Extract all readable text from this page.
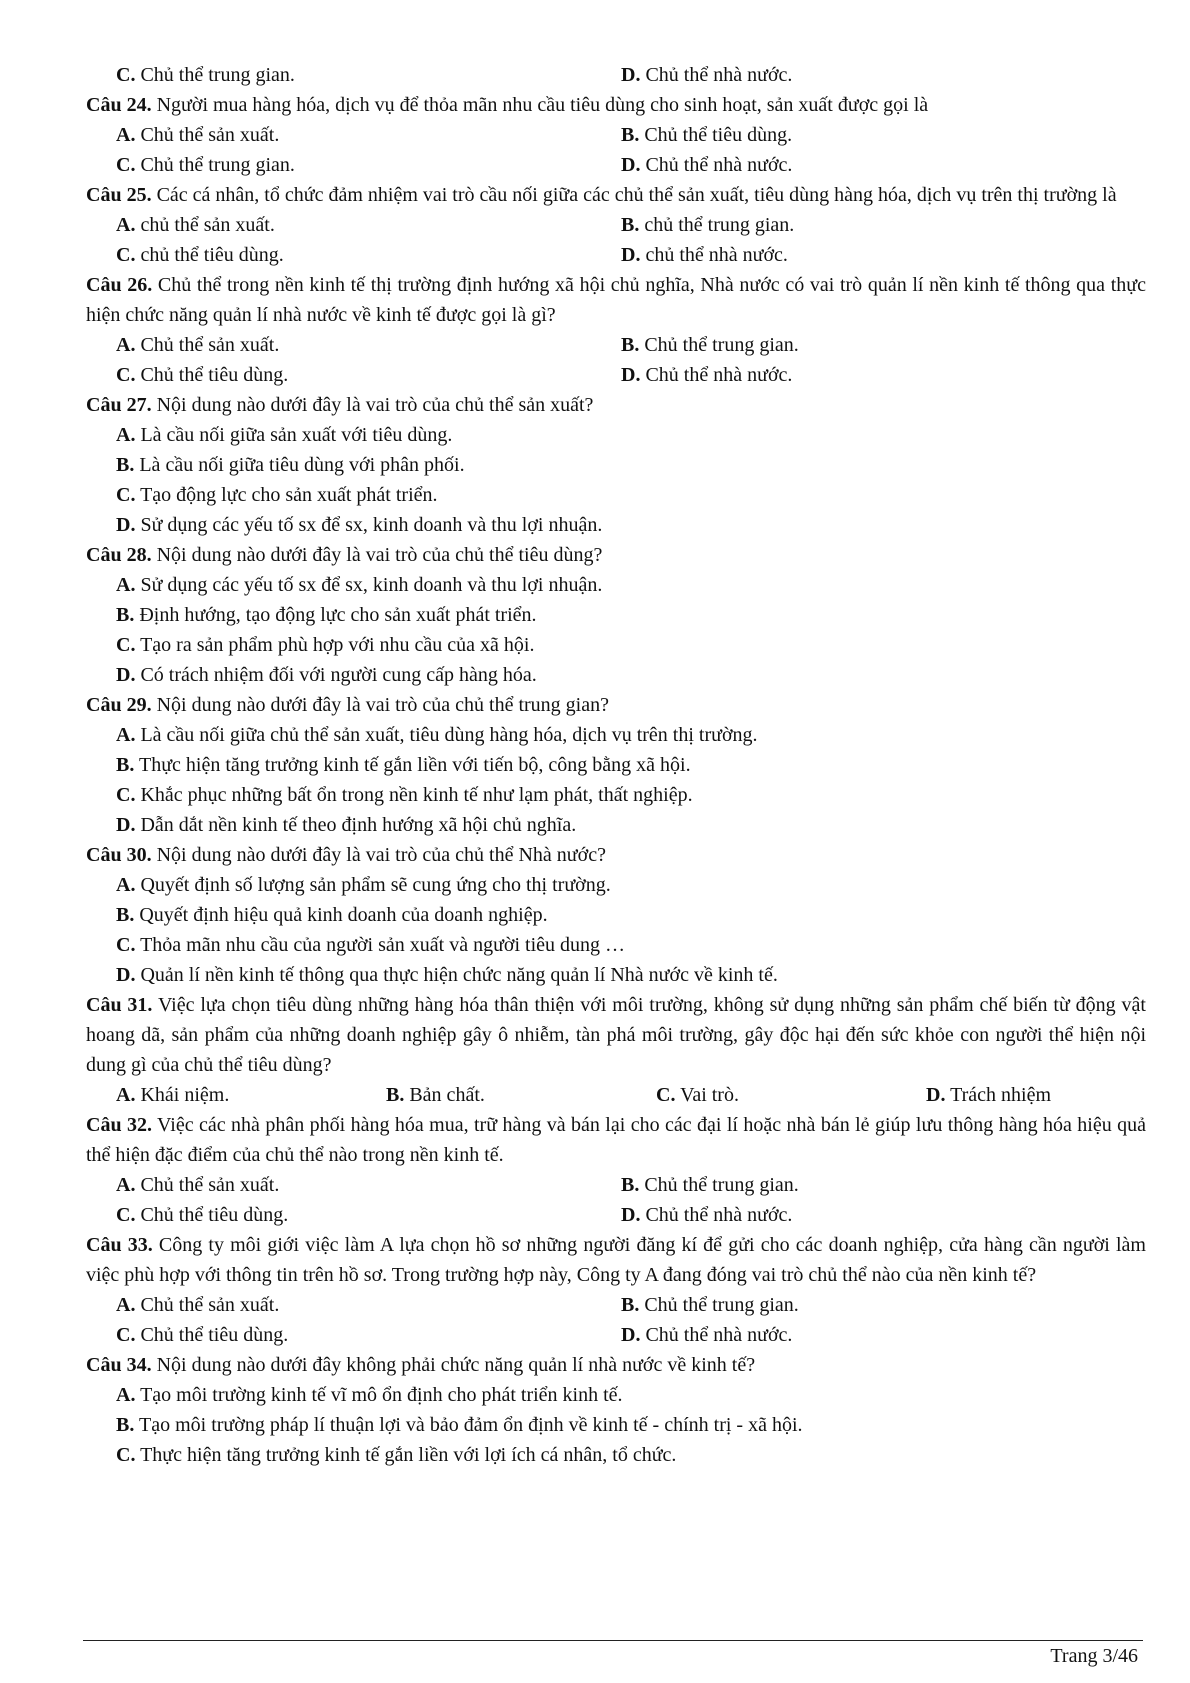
C. Chủ thể trung gian.	D. Chủ thể nhà nước.

Câu 24. Người mua hàng hóa, dịch vụ để thỏa mãn nhu cầu tiêu dùng cho sinh hoạt, sản xuất được gọi là

A. Chủ thể sản xuất.	B. Chủ thể tiêu dùng.
C. Chủ thể trung gian.	D. Chủ thể nhà nước.

Câu 25. Các cá nhân, tổ chức đảm nhiệm vai trò cầu nối giữa các chủ thể sản xuất, tiêu dùng hàng hóa, dịch vụ trên thị trường là

A. chủ thể sản xuất.	B. chủ thể trung gian.
C. chủ thể tiêu dùng.	D. chủ thể nhà nước.

Câu 26. Chủ thể trong nền kinh tế thị trường định hướng xã hội chủ nghĩa, Nhà nước có vai trò quản lí nền kinh tế thông qua thực hiện chức năng quản lí nhà nước về kinh tế được gọi là gì?

A. Chủ thể sản xuất.	B. Chủ thể trung gian.
C. Chủ thể tiêu dùng.	D. Chủ thể nhà nước.

Câu 27. Nội dung nào dưới đây là vai trò của chủ thể sản xuất?

A. Là cầu nối giữa sản xuất với tiêu dùng.
B. Là cầu nối giữa tiêu dùng với phân phối.
C. Tạo động lực cho sản xuất phát triển.
D. Sử dụng các yếu tố sx để sx, kinh doanh và thu lợi nhuận.

Câu 28. Nội dung nào dưới đây là vai trò của chủ thể tiêu dùng?

A. Sử dụng các yếu tố sx để sx, kinh doanh và thu lợi nhuận.
B. Định hướng, tạo động lực cho sản xuất phát triển.
C. Tạo ra sản phẩm phù hợp với nhu cầu của xã hội.
D. Có trách nhiệm đối với người cung cấp hàng hóa.

Câu 29. Nội dung nào dưới đây là vai trò của chủ thể trung gian?

A. Là cầu nối giữa chủ thể sản xuất, tiêu dùng hàng hóa, dịch vụ trên thị trường.
B. Thực hiện tăng trưởng kinh tế gắn liền với tiến bộ, công bằng xã hội.
C. Khắc phục những bất ổn trong nền kinh tế như lạm phát, thất nghiệp.
D. Dẫn dắt nền kinh tế theo định hướng xã hội chủ nghĩa.

Câu 30. Nội dung nào dưới đây là vai trò của chủ thể Nhà nước?

A. Quyết định số lượng sản phẩm sẽ cung ứng cho thị trường.
B. Quyết định hiệu quả kinh doanh của doanh nghiệp.
C. Thỏa mãn nhu cầu của người sản xuất và người tiêu dung …
D. Quản lí nền kinh tế thông qua thực hiện chức năng quản lí Nhà nước về kinh tế.

Câu 31. Việc lựa chọn tiêu dùng những hàng hóa thân thiện với môi trường, không sử dụng những sản phẩm chế biến từ động vật hoang dã, sản phẩm của những doanh nghiệp gây ô nhiễm, tàn phá môi trường, gây độc hại đến sức khỏe con người thể hiện nội dung gì của chủ thể tiêu dùng?

A. Khái niệm.	B. Bản chất.	C. Vai trò.	D. Trách nhiệm

Câu 32. Việc các nhà phân phối hàng hóa mua, trữ hàng và bán lại cho các đại lí hoặc nhà bán lẻ giúp lưu thông hàng hóa hiệu quả thể hiện đặc điểm của chủ thể nào trong nền kinh tế.

A. Chủ thể sản xuất.	B. Chủ thể trung gian.
C. Chủ thể tiêu dùng.	D. Chủ thể nhà nước.

Câu 33. Công ty môi giới việc làm A lựa chọn hồ sơ những người đăng kí để gửi cho các doanh nghiệp, cửa hàng cần người làm việc phù hợp với thông tin trên hồ sơ. Trong trường hợp này, Công ty A đang đóng vai trò chủ thể nào của nền kinh tế?

A. Chủ thể sản xuất.	B. Chủ thể trung gian.
C. Chủ thể tiêu dùng.	D. Chủ thể nhà nước.

Câu 34. Nội dung nào dưới đây không phải chức năng quản lí nhà nước về kinh tế?

A. Tạo môi trường kinh tế vĩ mô ổn định cho phát triển kinh tế.
B. Tạo môi trường pháp lí thuận lợi và bảo đảm ổn định về kinh tế - chính trị - xã hội.
C. Thực hiện tăng trưởng kinh tế gắn liền với lợi ích cá nhân, tổ chức.
Trang 3/46
